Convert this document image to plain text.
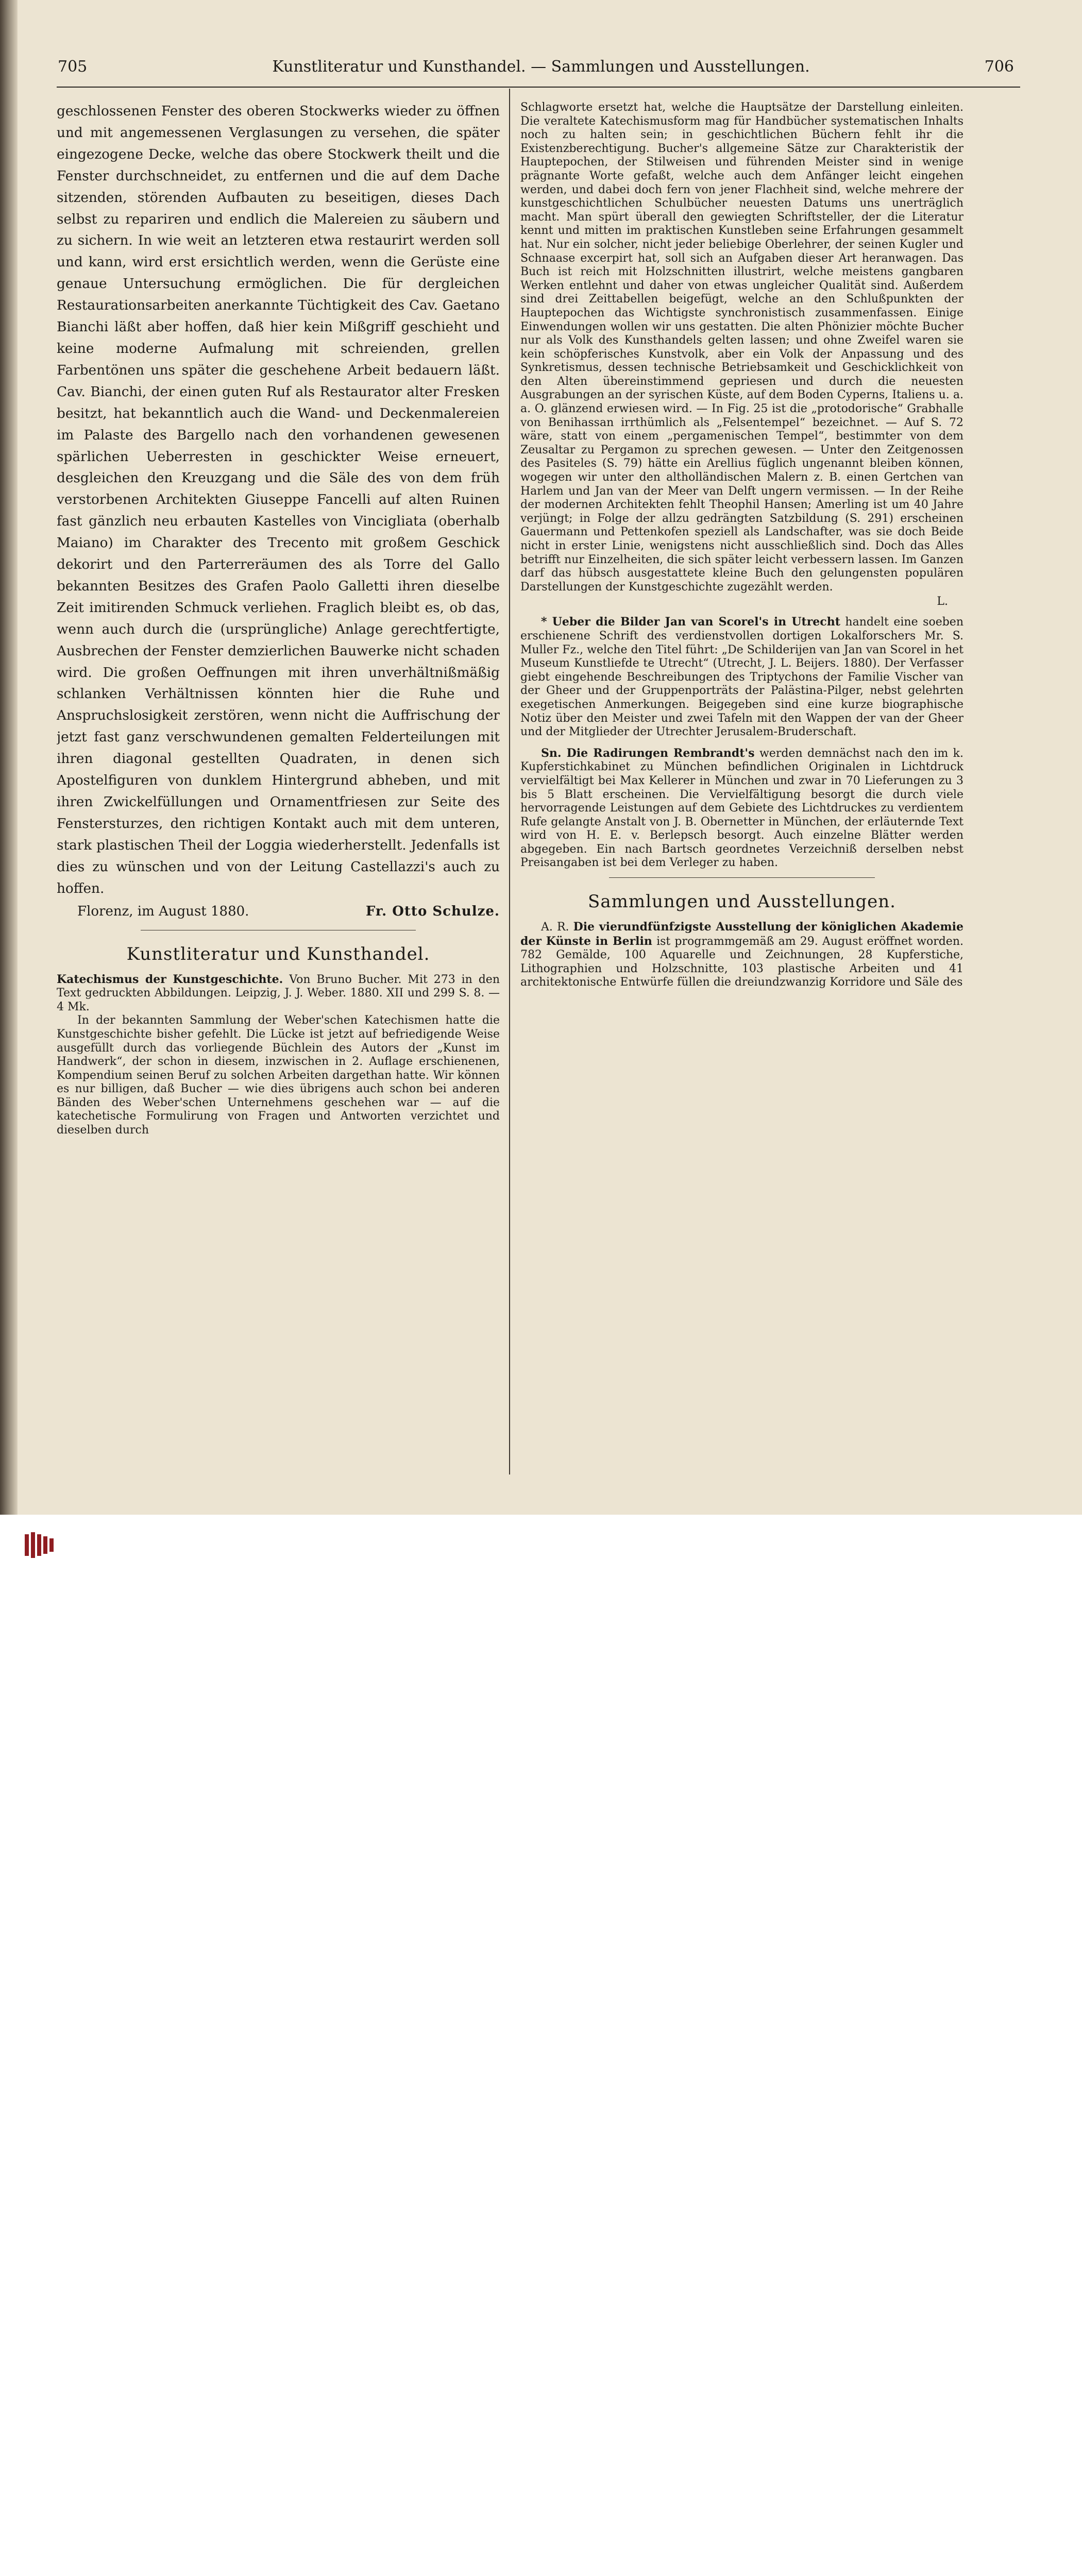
705	Kunstliteratur und Kunsthandel. — Sammlungen und Ausstellungen.	706

geschlossenen Fenster des oberen Stockwerks wieder zu öffnen und mit angemessenen Verglasungen zu versehen, die später eingezogene Decke, welche das obere Stockwerk theilt und die Fenster durchschneidet, zu entfernen und die auf dem Dache sitzenden, störenden Aufbauten zu beseitigen, dieses Dach selbst zu repariren und endlich die Malereien zu säubern und zu sichern. In wie weit an letzteren etwa restaurirt werden soll und kann, wird erst ersichtlich werden, wenn die Gerüste eine genaue Untersuchung ermöglichen. Die für dergleichen Restaurationsarbeiten anerkannte Tüchtigkeit des Cav. Gaetano Bianchi läßt aber hoffen, daß hier kein Mißgriff geschieht und keine moderne Aufmalung mit schreienden, grellen Farbentönen uns später die geschehene Arbeit bedauern läßt. Cav. Bianchi, der einen guten Ruf als Restaurator alter Fresken besitzt, hat bekanntlich auch die Wand- und Deckenmalereien im Palaste des Bargello nach den vorhandenen gewesenen spärlichen Ueberresten in geschickter Weise erneuert, desgleichen den Kreuzgang und die Säle des von dem früh verstorbenen Architekten Giuseppe Fancelli auf alten Ruinen fast gänzlich neu erbauten Kastelles von Vincigliata (oberhalb Maiano) im Charakter des Trecento mit großem Geschick dekorirt und den Parterreräumen des als Torre del Gallo bekannten Besitzes des Grafen Paolo Galletti ihren dieselbe Zeit imitirenden Schmuck verliehen. Fraglich bleibt es, ob das, wenn auch durch die (ursprüngliche) Anlage gerechtfertigte, Ausbrechen der Fenster demzierlichen Bauwerke nicht schaden wird. Die großen Oeffnungen mit ihren unverhältnißmäßig schlanken Verhältnissen könnten hier die Ruhe und Anspruchslosigkeit zerstören, wenn nicht die Auffrischung der jetzt fast ganz verschwundenen gemalten Felderteilungen mit ihren diagonal gestellten Quadraten, in denen sich Apostelfiguren von dunklem Hintergrund abheben, und mit ihren Zwickelfüllungen und Ornamentfriesen zur Seite des Fenstersturzes, den richtigen Kontakt auch mit dem unteren, stark plastischen Theil der Loggia wiederherstellt. Jedenfalls ist dies zu wünschen und von der Leitung Castellazzi's auch zu hoffen.

Florenz, im August 1880.	Fr. Otto Schulze.
Kunstliteratur und Kunsthandel.

Katechismus der Kunstgeschichte. Von Bruno Bucher. Mit 273 in den Text gedruckten Abbildungen. Leipzig, J. J. Weber. 1880. XII und 299 S. 8. — 4 Mk.

In der bekannten Sammlung der Weber'schen Katechismen hatte die Kunstgeschichte bisher gefehlt. Die Lücke ist jetzt auf befriedigende Weise ausgefüllt durch das vorliegende Büchlein des Autors der „Kunst im Handwerk“, der schon in diesem, inzwischen in 2. Auflage erschienenen, Kompendium seinen Beruf zu solchen Arbeiten dargethan hatte. Wir können es nur billigen, daß Bucher — wie dies übrigens auch schon bei anderen Bänden des Weber'schen Unternehmens geschehen war — auf die katechetische Formulirung von Fragen und Antworten verzichtet und dieselben durch

Schlagworte ersetzt hat, welche die Hauptsätze der Darstellung einleiten. Die veraltete Katechismusform mag für Handbücher systematischen Inhalts noch zu halten sein; in geschichtlichen Büchern fehlt ihr die Existenzberechtigung. Bucher's allgemeine Sätze zur Charakteristik der Hauptepochen, der Stilweisen und führenden Meister sind in wenige prägnante Worte gefaßt, welche auch dem Anfänger leicht eingehen werden, und dabei doch fern von jener Flachheit sind, welche mehrere der kunstgeschichtlichen Schulbücher neuesten Datums uns unerträglich macht. Man spürt überall den gewiegten Schriftsteller, der die Literatur kennt und mitten im praktischen Kunstleben seine Erfahrungen gesammelt hat. Nur ein solcher, nicht jeder beliebige Oberlehrer, der seinen Kugler und Schnaase excerpirt hat, soll sich an Aufgaben dieser Art heranwagen. Das Buch ist reich mit Holzschnitten illustrirt, welche meistens gangbaren Werken entlehnt und daher von etwas ungleicher Qualität sind. Außerdem sind drei Zeittabellen beigefügt, welche an den Schlußpunkten der Hauptepochen das Wichtigste synchronistisch zusammenfassen. Einige Einwendungen wollen wir uns gestatten. Die alten Phönizier möchte Bucher nur als Volk des Kunsthandels gelten lassen; und ohne Zweifel waren sie kein schöpferisches Kunstvolk, aber ein Volk der Anpassung und des Synkretismus, dessen technische Betriebsamkeit und Geschicklichkeit von den Alten übereinstimmend gepriesen und durch die neuesten Ausgrabungen an der syrischen Küste, auf dem Boden Cyperns, Italiens u. a. a. O. glänzend erwiesen wird. — In Fig. 25 ist die „protodorische“ Grabhalle von Benihassan irrthümlich als „Felsentempel“ bezeichnet. — Auf S. 72 wäre, statt von einem „pergamenischen Tempel“, bestimmter von dem Zeusaltar zu Pergamon zu sprechen gewesen. — Unter den Zeitgenossen des Pasiteles (S. 79) hätte ein Arellius füglich ungenannt bleiben können, wogegen wir unter den altholländischen Malern z. B. einen Gertchen van Harlem und Jan van der Meer van Delft ungern vermissen. — In der Reihe der modernen Architekten fehlt Theophil Hansen; Amerling ist um 40 Jahre verjüngt; in Folge der allzu gedrängten Satzbildung (S. 291) erscheinen Gauermann und Pettenkofen speziell als Landschafter, was sie doch Beide nicht in erster Linie, wenigstens nicht ausschließlich sind. Doch das Alles betrifft nur Einzelheiten, die sich später leicht verbessern lassen. Im Ganzen darf das hübsch ausgestattete kleine Buch den gelungensten populären Darstellungen der Kunstgeschichte zugezählt werden.

L.

* Ueber die Bilder Jan van Scorel's in Utrecht handelt eine soeben erschienene Schrift des verdienstvollen dortigen Lokalforschers Mr. S. Muller Fz., welche den Titel führt: „De Schilderijen van Jan van Scorel in het Museum Kunstliefde te Utrecht“ (Utrecht, J. L. Beijers. 1880). Der Verfasser giebt eingehende Beschreibungen des Triptychons der Familie Vischer van der Gheer und der Gruppenporträts der Palästina-Pilger, nebst gelehrten exegetischen Anmerkungen. Beigegeben sind eine kurze biographische Notiz über den Meister und zwei Tafeln mit den Wappen der van der Gheer und der Mitglieder der Utrechter Jerusalem-Bruderschaft.

Sn. Die Radirungen Rembrandt's werden demnächst nach den im k. Kupferstichkabinet zu München befindlichen Originalen in Lichtdruck vervielfältigt bei Max Kellerer in München und zwar in 70 Lieferungen zu 3 bis 5 Blatt erscheinen. Die Vervielfältigung besorgt die durch viele hervorragende Leistungen auf dem Gebiete des Lichtdruckes zu verdientem Rufe gelangte Anstalt von J. B. Obernetter in München, der erläuternde Text wird von H. E. v. Berlepsch besorgt. Auch einzelne Blätter werden abgegeben. Ein nach Bartsch geordnetes Verzeichniß derselben nebst Preisangaben ist bei dem Verleger zu haben.

Sammlungen und Ausstellungen.

A. R. Die vierundfünfzigste Ausstellung der königlichen Akademie der Künste in Berlin ist programmgemäß am 29. August eröffnet worden. 782 Gemälde, 100 Aquarelle und Zeichnungen, 28 Kupferstiche, Lithographien und Holzschnitte, 103 plastische Arbeiten und 41 architektonische Entwürfe füllen die dreiundzwanzig Korridore und Säle des
